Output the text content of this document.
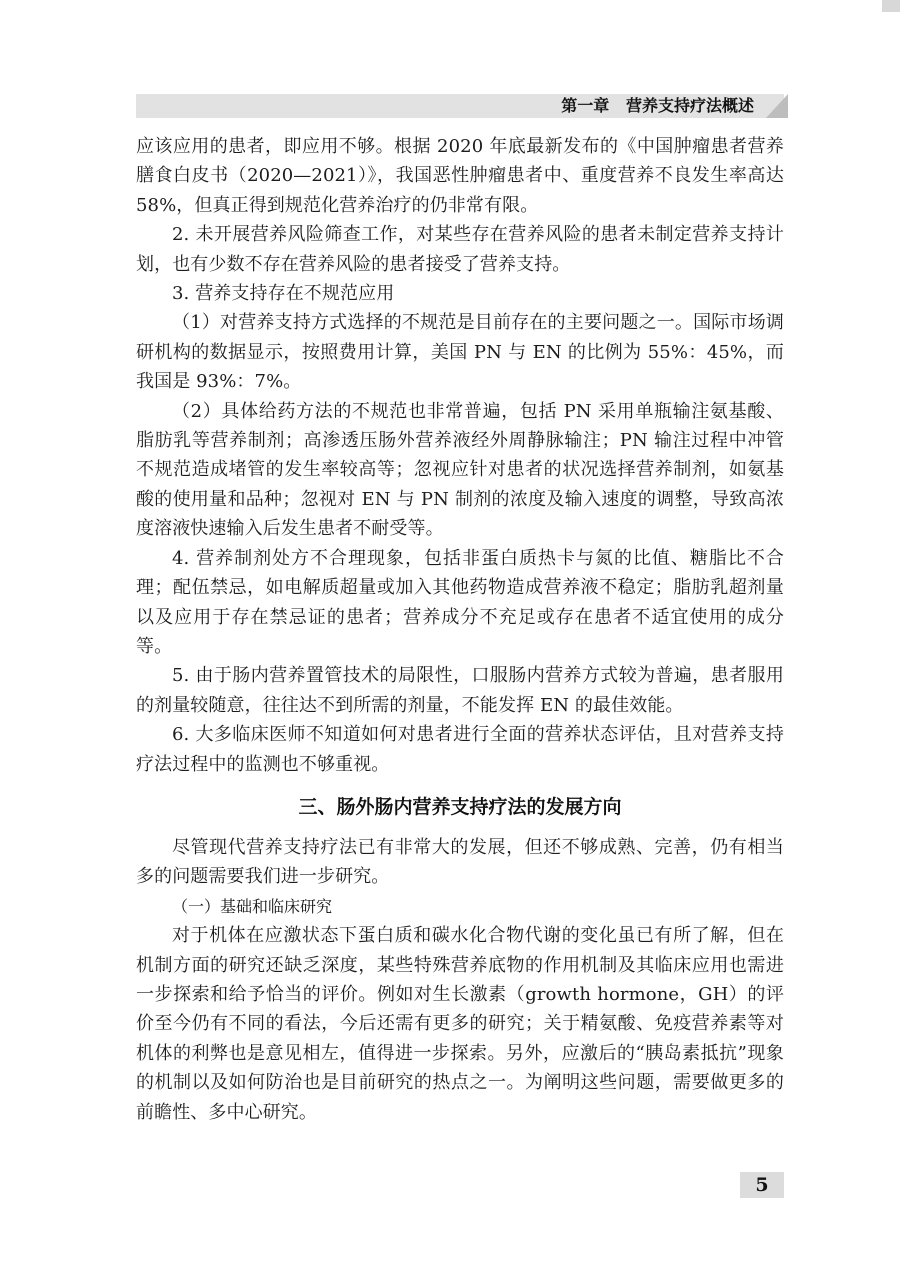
第一章   营养支持疗法概述

应该应用的患者，即应用不够。根据 2020 年底最新发布的《中国肿瘤患者营养膳食白皮书（2020—2021）》，我国恶性肿瘤患者中、重度营养不良发生率高达 58%，但真正得到规范化营养治疗的仍非常有限。

2. 未开展营养风险筛查工作，对某些存在营养风险的患者未制定营养支持计划，也有少数不存在营养风险的患者接受了营养支持。

3. 营养支持存在不规范应用

（1）对营养支持方式选择的不规范是目前存在的主要问题之一。国际市场调研机构的数据显示，按照费用计算，美国 PN 与 EN 的比例为 55%：45%，而我国是 93%：7%。

（2）具体给药方法的不规范也非常普遍，包括 PN 采用单瓶输注氨基酸、脂肪乳等营养制剂；高渗透压肠外营养液经外周静脉输注；PN 输注过程中冲管不规范造成堵管的发生率较高等；忽视应针对患者的状况选择营养制剂，如氨基酸的使用量和品种；忽视对 EN 与 PN 制剂的浓度及输入速度的调整，导致高浓度溶液快速输入后发生患者不耐受等。

4. 营养制剂处方不合理现象，包括非蛋白质热卡与氮的比值、糖脂比不合理；配伍禁忌，如电解质超量或加入其他药物造成营养液不稳定；脂肪乳超剂量以及应用于存在禁忌证的患者；营养成分不充足或存在患者不适宜使用的成分等。

5. 由于肠内营养置管技术的局限性，口服肠内营养方式较为普遍，患者服用的剂量较随意，往往达不到所需的剂量，不能发挥 EN 的最佳效能。

6. 大多临床医师不知道如何对患者进行全面的营养状态评估，且对营养支持疗法过程中的监测也不够重视。

三、肠外肠内营养支持疗法的发展方向

尽管现代营养支持疗法已有非常大的发展，但还不够成熟、完善，仍有相当多的问题需要我们进一步研究。

（一）基础和临床研究

对于机体在应激状态下蛋白质和碳水化合物代谢的变化虽已有所了解，但在机制方面的研究还缺乏深度，某些特殊营养底物的作用机制及其临床应用也需进一步探索和给予恰当的评价。例如对生长激素（growth hormone，GH）的评价至今仍有不同的看法，今后还需有更多的研究；关于精氨酸、免疫营养素等对机体的利弊也是意见相左，值得进一步探索。另外，应激后的“胰岛素抵抗”现象的机制以及如何防治也是目前研究的热点之一。为阐明这些问题，需要做更多的前瞻性、多中心研究。

5
